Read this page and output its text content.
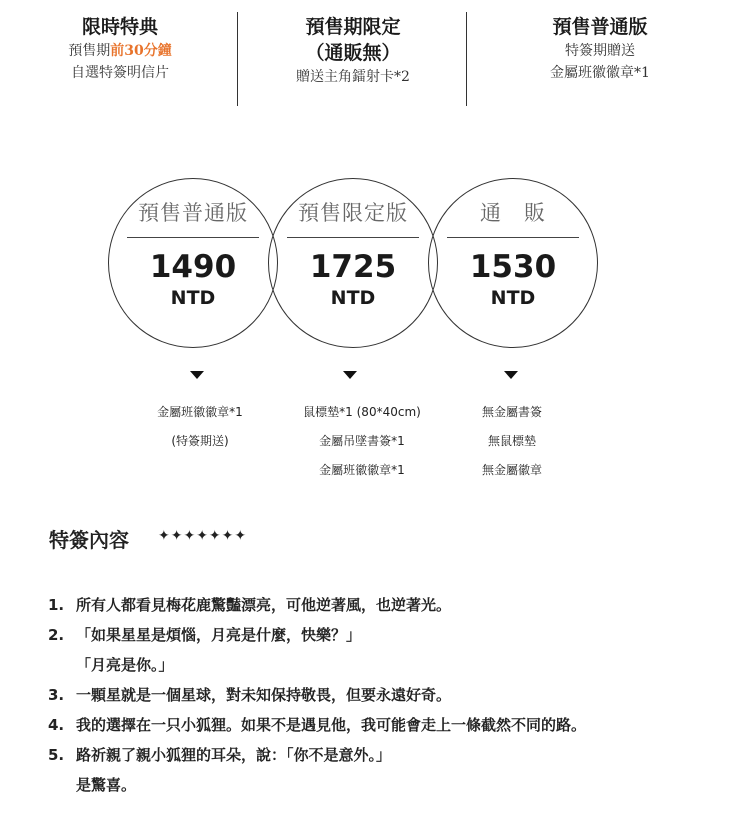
限時特典
預售期前30分鐘
自選特簽明信片
預售期限定
（通販無）
贈送主角鐳射卡*2
預售普通版
特簽期贈送
金屬班徽徽章*1
預售普通版
1490
NTD
預售限定版
1725
NTD
通　販
1530
NTD
金屬班徽徽章*1
(特簽期送)
鼠標墊*1 (80*40cm)
金屬吊墜書簽*1
金屬班徽徽章*1
無金屬書簽
無鼠標墊
無金屬徽章
特簽內容 ✦✦✦✦✦✦✦
1. 所有人都看見梅花鹿驚豔漂亮，可他逆著風，也逆著光。
2. 「如果星星是煩惱，月亮是什麼，快樂？」
「月亮是你。」
3. 一顆星就是一個星球，對未知保持敬畏，但要永遠好奇。
4. 我的選擇在一只小狐狸。如果不是遇見他，我可能會走上一條截然不同的路。
5. 路祈親了親小狐狸的耳朵，說：「你不是意外。」
是驚喜。
